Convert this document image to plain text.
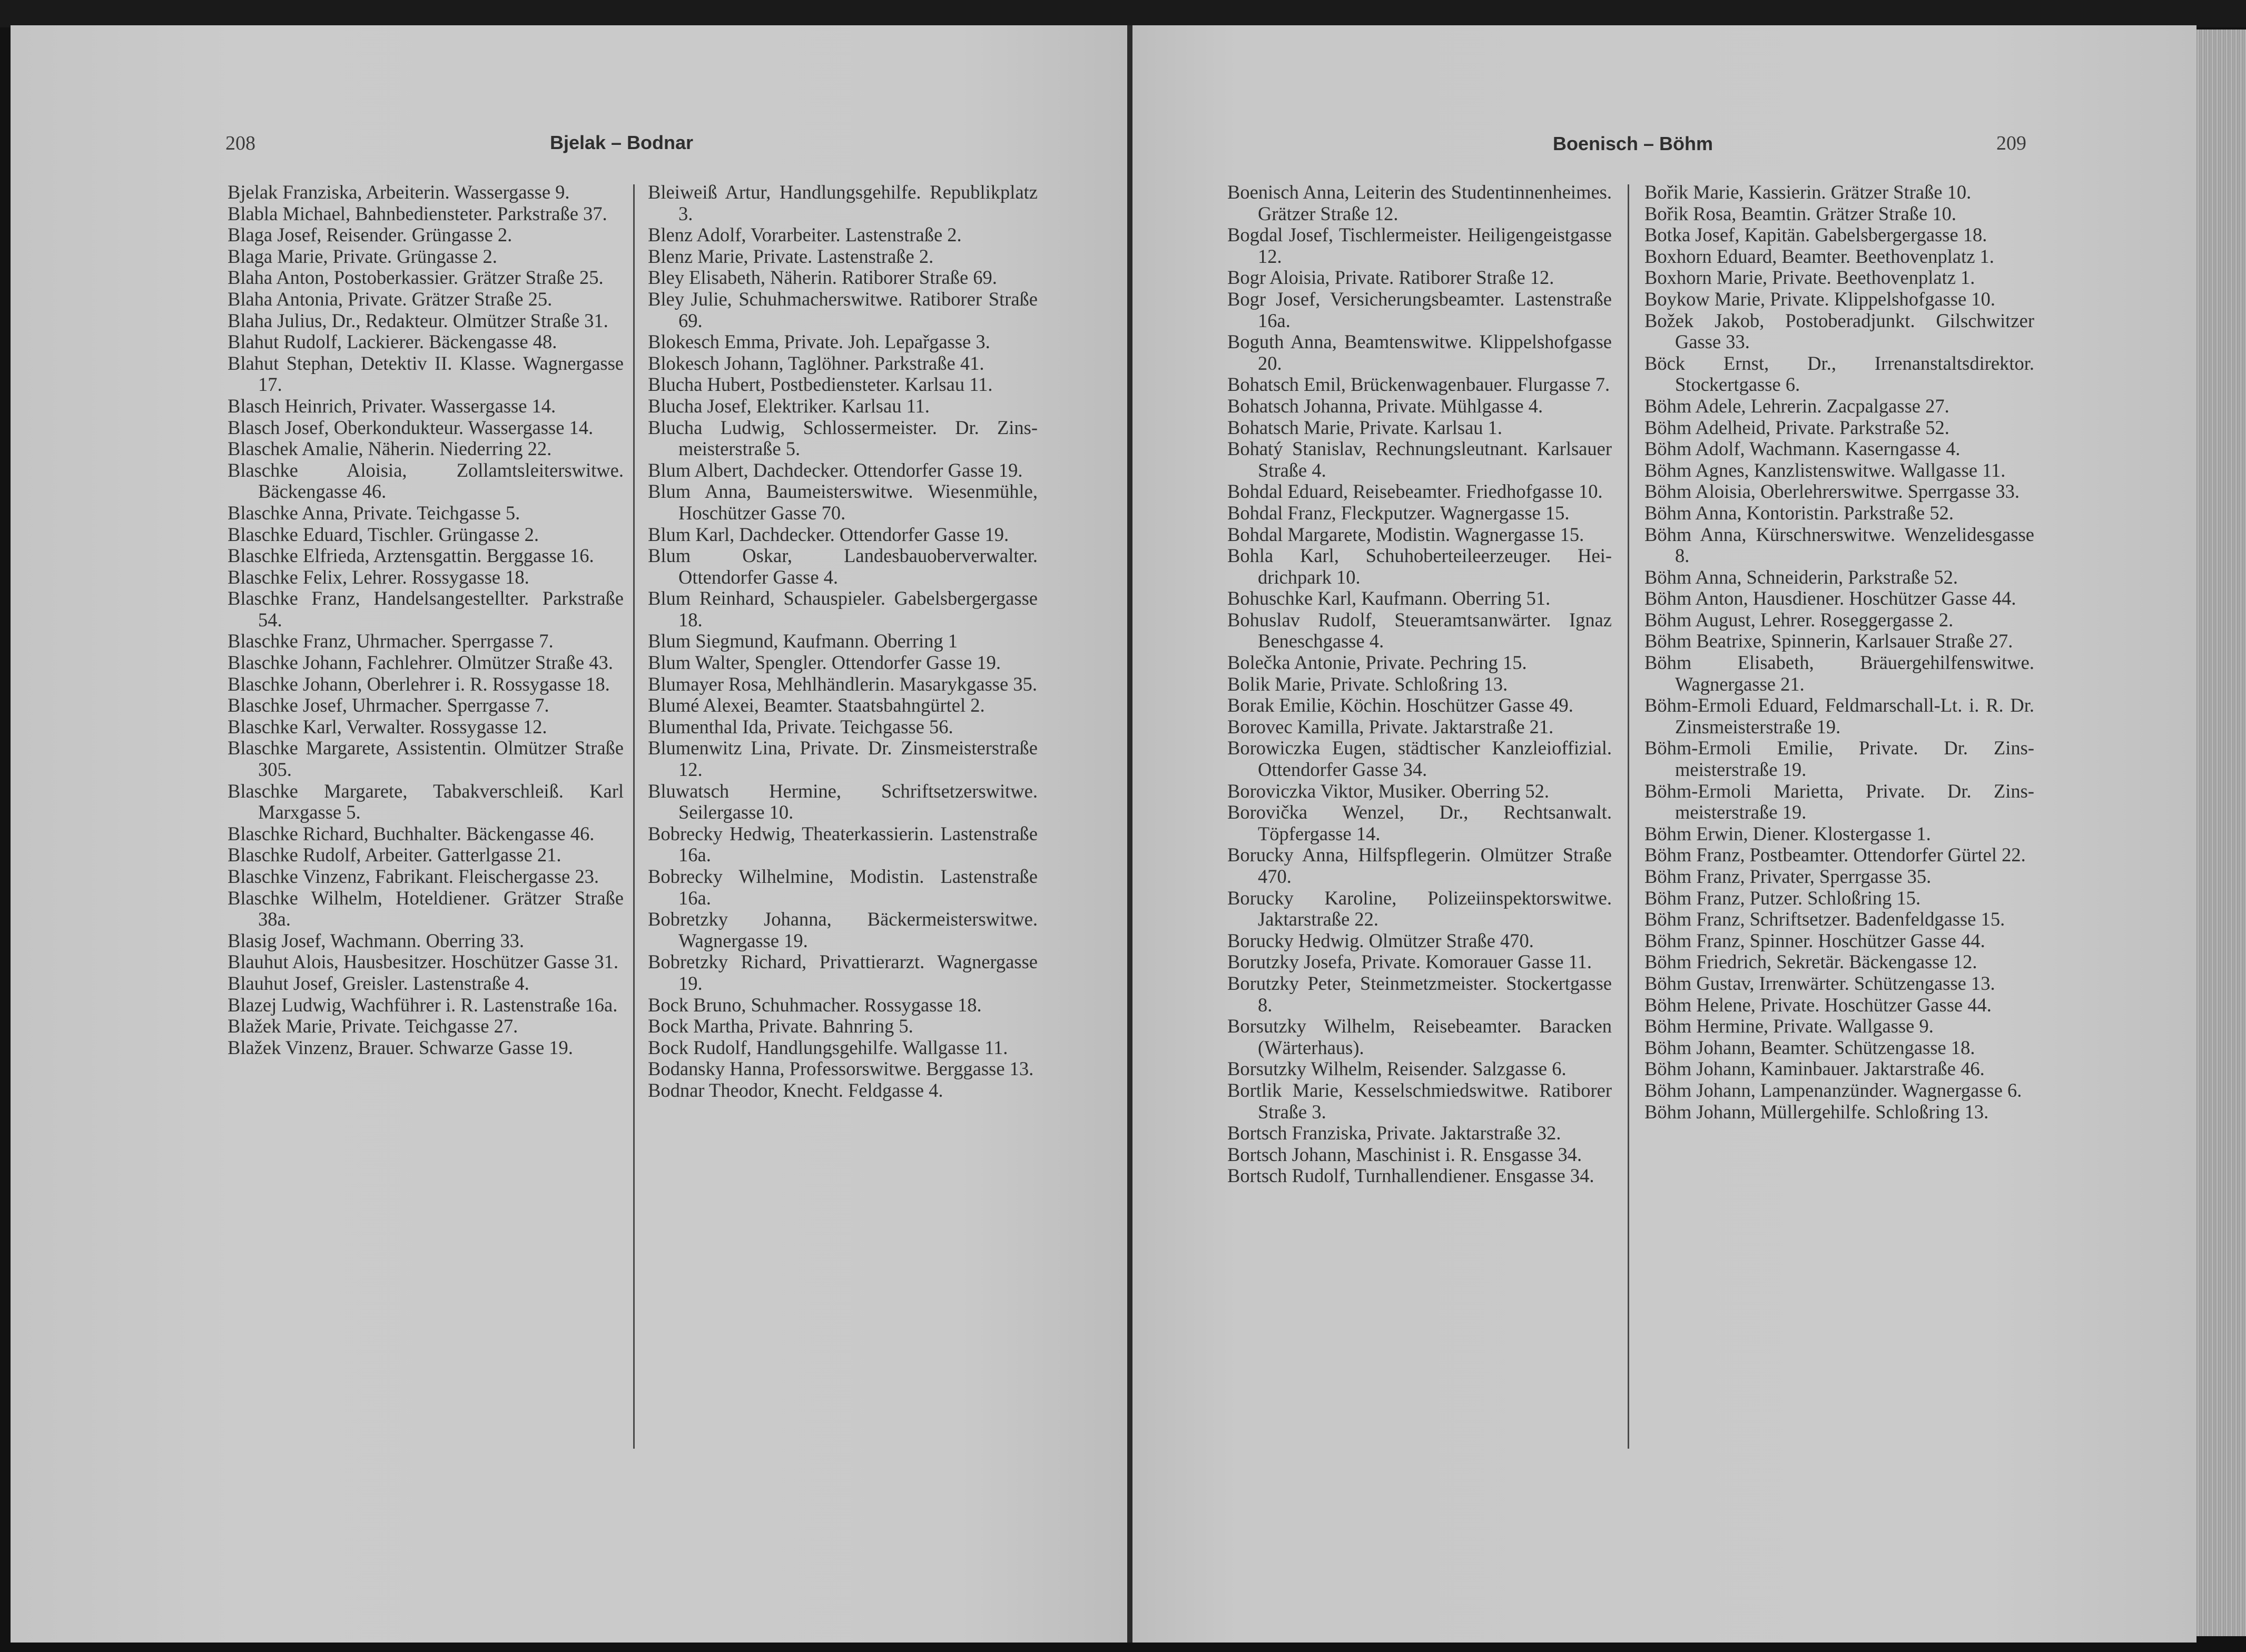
208	Bjelak – Bodnar	Boenisch – Böhm	209
Bjelak Franziska, Arbeiterin. Wassergasse 9.
Blabla Michael, Bahnbediensteter. Parkstraße 37.
Blaga Josef, Reisender. Grüngasse 2.
Blaga Marie, Private. Grüngasse 2.
Blaha Anton, Postoberkassier. Grätzer Straße 25.
Blaha Antonia, Private. Grätzer Straße 25.
Blaha Julius, Dr., Redakteur. Olmützer Straße 31.
Blahut Rudolf, Lackierer. Bäckengasse 48.
Blahut Stephan, Detektiv II. Klasse. Wagnergasse 17.
Blasch Heinrich, Privater. Wassergasse 14.
Blasch Josef, Oberkondukteur. Wassergasse 14.
Blaschek Amalie, Näherin. Niederring 22.
Blaschke Aloisia, Zollamtsleiterswitwe. Bäckengasse 46.
Blaschke Anna, Private. Teichgasse 5.
Blaschke Eduard, Tischler. Grüngasse 2.
Blaschke Elfrieda, Arztensgattin. Berggasse 16.
Blaschke Felix, Lehrer. Rossygasse 18.
Blaschke Franz, Handelsangestellter. Parkstraße 54.
Blaschke Franz, Uhrmacher. Sperrgasse 7.
Blaschke Johann, Fachlehrer. Olmützer Straße 43.
Blaschke Johann, Oberlehrer i. R. Rossygasse 18.
Blaschke Josef, Uhrmacher. Sperrgasse 7.
Blaschke Karl, Verwalter. Rossygasse 12.
Blaschke Margarete, Assistentin. Olmützer Straße 305.
Blaschke Margarete, Tabakverschleiß. Karl Marxgasse 5.
Blaschke Richard, Buchhalter. Bäckengasse 46.
Blaschke Rudolf, Arbeiter. Gatterlgasse 21.
Blaschke Vinzenz, Fabrikant. Fleischergasse 23.
Blaschke Wilhelm, Hoteldiener. Grätzer Straße 38a.
Blasig Josef, Wachmann. Oberring 33.
Blauhut Alois, Hausbesitzer. Hoschützer Gasse 31.
Blauhut Josef, Greisler. Lastenstraße 4.
Blazej Ludwig, Wachführer i. R. Lastenstraße 16a.
Blažek Marie, Private. Teichgasse 27.
Blažek Vinzenz, Brauer. Schwarze Gasse 19.
Bleiweiß Artur, Handlungsgehilfe. Republikplatz 3.
Blenz Adolf, Vorarbeiter. Lastenstraße 2.
Blenz Marie, Private. Lastenstraße 2.
Bley Elisabeth, Näherin. Ratiborer Straße 69.
Bley Julie, Schuhmacherswitwe. Ratiborer Straße 69.
Blokesch Emma, Private. Joh. Lepařgasse 3.
Blokesch Johann, Taglöhner. Parkstraße 41.
Blucha Hubert, Postbediensteter. Karlsau 11.
Blucha Josef, Elektriker. Karlsau 11.
Blucha Ludwig, Schlossermeister. Dr. Zinsmeisterstraße 5.
Blum Albert, Dachdecker. Ottendorfer Gasse 19.
Blum Anna, Baumeisterswitwe. Wiesenmühle, Hoschützer Gasse 70.
Blum Karl, Dachdecker. Ottendorfer Gasse 19.
Blum Oskar, Landesbauoberverwalter. Ottendorfer Gasse 4.
Blum Reinhard, Schauspieler. Gabelsbergergasse 18.
Blum Siegmund, Kaufmann. Oberring 1
Blum Walter, Spengler. Ottendorfer Gasse 19.
Blumayer Rosa, Mehlhändlerin. Masarykgasse 35.
Blumé Alexei, Beamter. Staatsbahngürtel 2.
Blumenthal Ida, Private. Teichgasse 56.
Blumenwitz Lina, Private. Dr. Zinsmeisterstraße 12.
Bluwatsch Hermine, Schriftsetzerswitwe. Seilergasse 10.
Bobrecky Hedwig, Theaterkassierin. Lastenstraße 16a.
Bobrecky Wilhelmine, Modistin. Lastenstraße 16a.
Bobretzky Johanna, Bäckermeisterswitwe. Wagnergasse 19.
Bobretzky Richard, Privattierarzt. Wagnergasse 19.
Bock Bruno, Schuhmacher. Rossygasse 18.
Bock Martha, Private. Bahnring 5.
Bock Rudolf, Handlungsgehilfe. Wallgasse 11.
Bodansky Hanna, Professorswitwe. Berggasse 13.
Bodnar Theodor, Knecht. Feldgasse 4.
Boenisch Anna, Leiterin des Studentinnenheimes. Grätzer Straße 12.
Bogdal Josef, Tischlermeister. Heiligengeistgasse 12.
Bogr Aloisia, Private. Ratiborer Straße 12.
Bogr Josef, Versicherungsbeamter. Lastenstraße 16a.
Boguth Anna, Beamtenswitwe. Klippelshofgasse 20.
Bohatsch Emil, Brückenwagenbauer. Flurgasse 7.
Bohatsch Johanna, Private. Mühlgasse 4.
Bohatsch Marie, Private. Karlsau 1.
Bohatý Stanislav, Rechnungsleutnant. Karlsauer Straße 4.
Bohdal Eduard, Reisebeamter. Friedhofgasse 10.
Bohdal Franz, Fleckputzer. Wagnergasse 15.
Bohdal Margarete, Modistin. Wagnergasse 15.
Bohla Karl, Schuhoberteileerzeuger. Heidrichpark 10.
Bohuschke Karl, Kaufmann. Oberring 51.
Bohuslav Rudolf, Steueramtsanwärter. Ignaz Beneschgasse 4.
Bolečka Antonie, Private. Pechring 15.
Bolik Marie, Private. Schloßring 13.
Borak Emilie, Köchin. Hoschützer Gasse 49.
Borovec Kamilla, Private. Jaktarstraße 21.
Borowiczka Eugen, städtischer Kanzleioffizial. Ottendorfer Gasse 34.
Boroviczka Viktor, Musiker. Oberring 52.
Borovička Wenzel, Dr., Rechtsanwalt. Töpfergasse 14.
Borucky Anna, Hilfspflegerin. Olmützer Straße 470.
Borucky Karoline, Polizeiinspektorswitwe. Jaktarstraße 22.
Borucky Hedwig. Olmützer Straße 470.
Borutzky Josefa, Private. Komorauer Gasse 11.
Borutzky Peter, Steinmetzmeister. Stockertgasse 8.
Borsutzky Wilhelm, Reisebeamter. Baracken (Wärterhaus).
Borsutzky Wilhelm, Reisender. Salzgasse 6.
Bortlik Marie, Kesselschmiedswitwe. Ratiborer Straße 3.
Bortsch Franziska, Private. Jaktarstraße 32.
Bortsch Johann, Maschinist i. R. Ensgasse 34.
Bortsch Rudolf, Turnhallendiener. Ensgasse 34.
Bořik Marie, Kassierin. Grätzer Straße 10.
Bořik Rosa, Beamtin. Grätzer Straße 10.
Botka Josef, Kapitän. Gabelsbergergasse 18.
Boxhorn Eduard, Beamter. Beethovenplatz 1.
Boxhorn Marie, Private. Beethovenplatz 1.
Boykow Marie, Private. Klippelshofgasse 10.
Božek Jakob, Postoberadjunkt. Gilschwitzer Gasse 33.
Böck Ernst, Dr., Irrenanstaltsdirektor. Stockertgasse 6.
Böhm Adele, Lehrerin. Zacpalgasse 27.
Böhm Adelheid, Private. Parkstraße 52.
Böhm Adolf, Wachmann. Kaserngasse 4.
Böhm Agnes, Kanzlistenswitwe. Wallgasse 11.
Böhm Aloisia, Oberlehrerswitwe. Sperrgasse 33.
Böhm Anna, Kontoristin. Parkstraße 52.
Böhm Anna, Kürschnerswitwe. Wenzelidesgasse 8.
Böhm Anna, Schneiderin, Parkstraße 52.
Böhm Anton, Hausdiener. Hoschützer Gasse 44.
Böhm August, Lehrer. Roseggergasse 2.
Böhm Beatrixe, Spinnerin, Karlsauer Straße 27.
Böhm Elisabeth, Bräuergehilfenswitwe. Wagnergasse 21.
Böhm-Ermoli Eduard, Feldmarschall-Lt. i. R. Dr. Zinsmeisterstraße 19.
Böhm-Ermoli Emilie, Private. Dr. Zinsmeisterstraße 19.
Böhm-Ermoli Marietta, Private. Dr. Zinsmeisterstraße 19.
Böhm Erwin, Diener. Klostergasse 1.
Böhm Franz, Postbeamter. Ottendorfer Gürtel 22.
Böhm Franz, Privater, Sperrgasse 35.
Böhm Franz, Putzer. Schloßring 15.
Böhm Franz, Schriftsetzer. Badenfeldgasse 15.
Böhm Franz, Spinner. Hoschützer Gasse 44.
Böhm Friedrich, Sekretär. Bäckengasse 12.
Böhm Gustav, Irrenwärter. Schützengasse 13.
Böhm Helene, Private. Hoschützer Gasse 44.
Böhm Hermine, Private. Wallgasse 9.
Böhm Johann, Beamter. Schützengasse 18.
Böhm Johann, Kaminbauer. Jaktarstraße 46.
Böhm Johann, Lampenanzünder. Wagnergasse 6.
Böhm Johann, Müllergehilfe. Schloßring 13.
